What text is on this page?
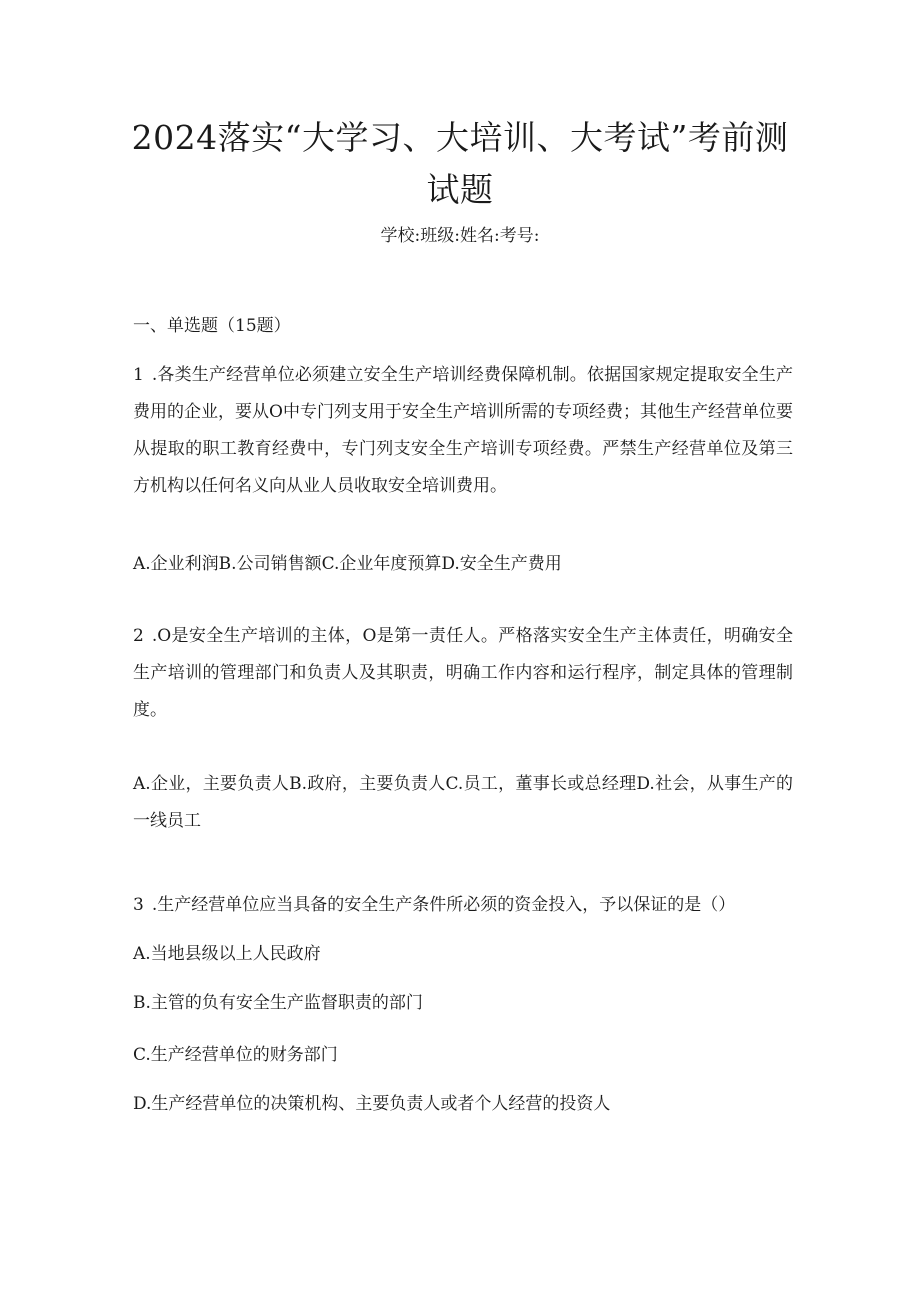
2024落实“大学习、大培训、大考试”考前测试题
学校:班级:姓名:考号:
一、单选题（15题）
1 .各类生产经营单位必须建立安全生产培训经费保障机制。依据国家规定提取安全生产费用的企业，要从O中专门列支用于安全生产培训所需的专项经费；其他生产经营单位要从提取的职工教育经费中，专门列支安全生产培训专项经费。严禁生产经营单位及第三方机构以任何名义向从业人员收取安全培训费用。
A.企业利润B.公司销售额C.企业年度预算D.安全生产费用
2 .O是安全生产培训的主体，O是第一责任人。严格落实安全生产主体责任，明确安全生产培训的管理部门和负责人及其职责，明确工作内容和运行程序，制定具体的管理制度。
A.企业，主要负责人B.政府，主要负责人C.员工，董事长或总经理D.社会，从事生产的一线员工
3 .生产经营单位应当具备的安全生产条件所必须的资金投入，予以保证的是（）
A.当地县级以上人民政府
B.主管的负有安全生产监督职责的部门
C.生产经营单位的财务部门
D.生产经营单位的决策机构、主要负责人或者个人经营的投资人
